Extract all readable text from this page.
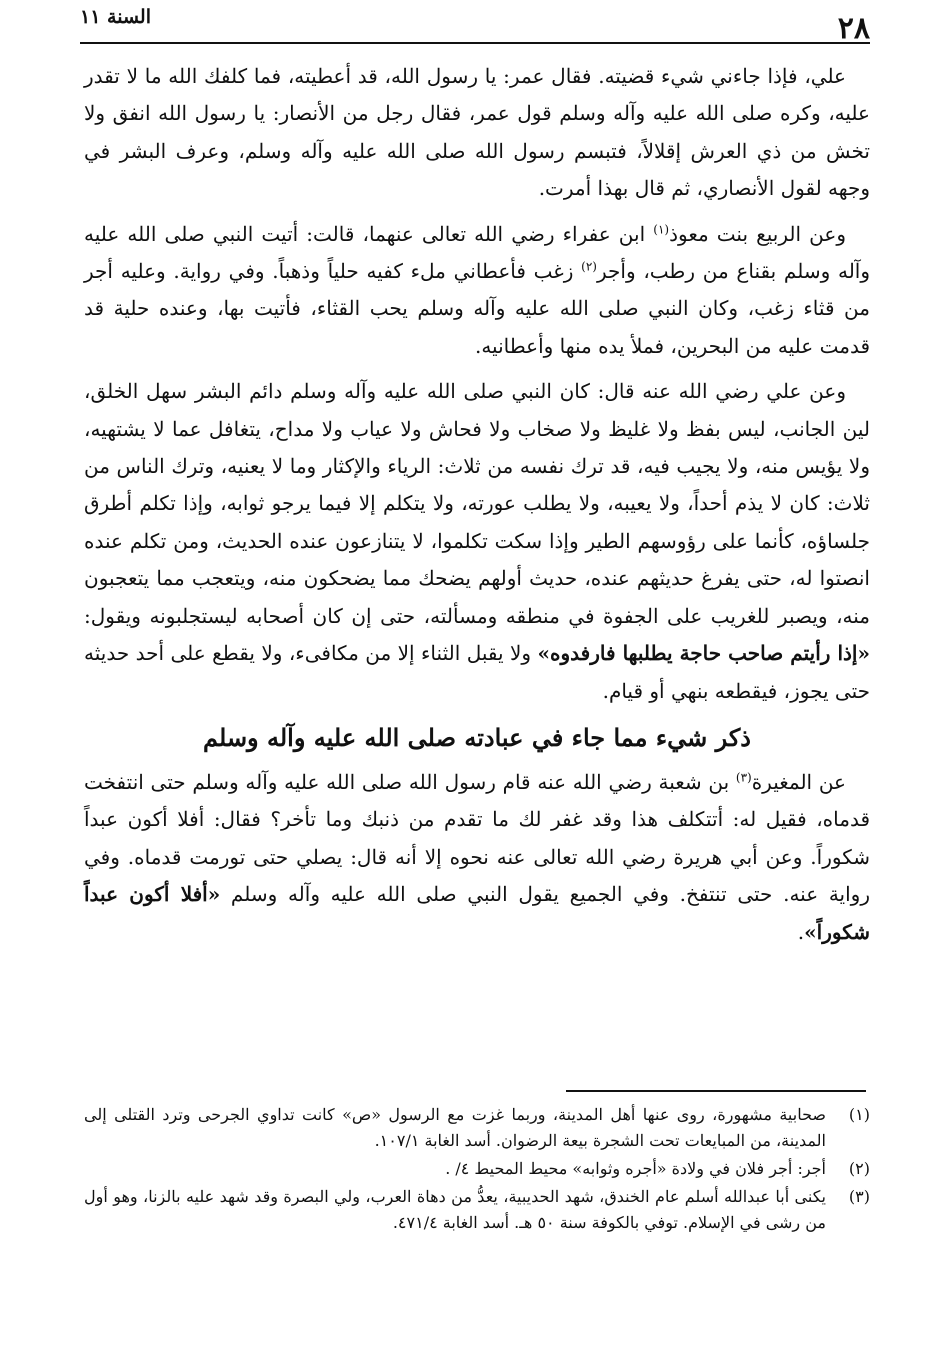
٢٨
السنة ١١

علي، فإذا جاءني شيء قضيته. فقال عمر: يا رسول الله، قد أعطيته، فما كلفك الله ما لا تقدر عليه، وكره صلى الله عليه وآله وسلم قول عمر، فقال رجل من الأنصار: يا رسول الله انفق ولا تخش من ذي العرش إقلالاً، فتبسم رسول الله صلى الله عليه وآله وسلم، وعرف البشر في وجهه لقول الأنصاري، ثم قال بهذا أمرت.

وعن الربيع بنت معوذ$^{(١)}$ ابن عفراء رضي الله تعالى عنهما، قالت: أتيت النبي صلى الله عليه وآله وسلم بقناع من رطب، وأجر$^{(٢)}$ زغب فأعطاني ملء كفيه حلياً وذهباً. وفي رواية. وعليه أجر من قثاء زغب، وكان النبي صلى الله عليه وآله وسلم يحب القثاء، فأتيت بها، وعنده حلية قد قدمت عليه من البحرين، فملأ يده منها وأعطانيه.

وعن علي رضي الله عنه قال: كان النبي صلى الله عليه وآله وسلم دائم البشر سهل الخلق، لين الجانب، ليس بفظ ولا غليظ ولا صخاب ولا فحاش ولا عياب ولا مداح، يتغافل عما لا يشتهيه، ولا يؤيس منه، ولا يجيب فيه، قد ترك نفسه من ثلاث: الرياء والإكثار وما لا يعنيه، وترك الناس من ثلاث: كان لا يذم أحداً، ولا يعيبه، ولا يطلب عورته، ولا يتكلم إلا فيما يرجو ثوابه، وإذا تكلم أطرق جلساؤه، كأنما على رؤوسهم الطير وإذا سكت تكلموا، لا يتنازعون عنده الحديث، ومن تكلم عنده انصتوا له، حتى يفرغ حديثهم عنده، حديث أولهم يضحك مما يضحكون منه، ويتعجب مما يتعجبون منه، ويصبر للغريب على الجفوة في منطقه ومسألته، حتى إن كان أصحابه ليستجلبونه ويقول: «إذا رأيتم صاحب حاجة يطلبها فارفدوه» ولا يقبل الثناء إلا من مكافىء، ولا يقطع على أحد حديثه حتى يجوز، فيقطعه بنهي أو قيام.

ذكر شيء مما جاء في عبادته صلى الله عليه وآله وسلم

عن المغيرة$^{(٣)}$ بن شعبة رضي الله عنه قام رسول الله صلى الله عليه وآله وسلم حتى انتفخت قدماه، فقيل له: أتتكلف هذا وقد غفر لك ما تقدم من ذنبك وما تأخر؟ فقال: أفلا أكون عبداً شكوراً. وعن أبي هريرة رضي الله تعالى عنه نحوه إلا أنه قال: يصلي حتى تورمت قدماه. وفي رواية عنه. حتى تنتفخ. وفي الجميع يقول النبي صلى الله عليه وآله وسلم «أفلا أكون عبداً شكوراً».

(١)
صحابية مشهورة، روى عنها أهل المدينة، وربما غزت مع الرسول «ص» كانت تداوي الجرحى وترد القتلى إلى المدينة، من المبايعات تحت الشجرة بيعة الرضوان. أسد الغابة ١٠٧/١.
(٢)
أجر: أجر فلان في ولادة «أجره وثوابه» محيط المحيط ٤/ .
(٣)
يكنى أبا عبدالله أسلم عام الخندق، شهد الحديبية، يعدُّ من دهاة العرب، ولي البصرة وقد شهد عليه بالزنا، وهو أول من رشى في الإسلام. توفي بالكوفة سنة ٥٠ هـ. أسد الغابة ٤٧١/٤.
